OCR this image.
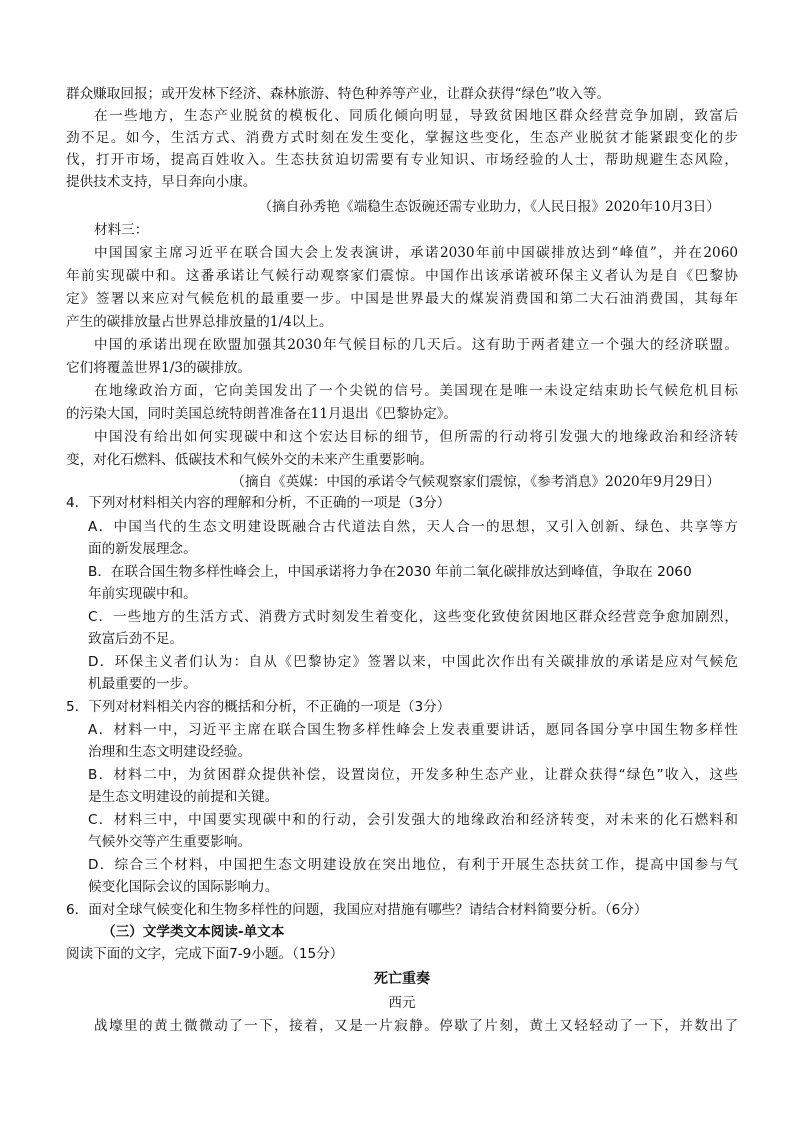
群众赚取回报；或开发林下经济、森林旅游、特色种养等产业，让群众获得“绿色”收入等。
在一些地方，生态产业脱贫的模板化、同质化倾向明显，导致贫困地区群众经营竞争加剧，致富后
劲不足。如今，生活方式、消费方式时刻在发生变化，掌握这些变化，生态产业脱贫才能紧跟变化的步
伐，打开市场，提高百姓收入。生态扶贫迫切需要有专业知识、市场经验的人士，帮助规避生态风险，
提供技术支持，早日奔向小康。
（摘自孙秀艳《端稳生态饭碗还需专业助力，《人民日报》2020年10月3日）
材料三：
中国国家主席习近平在联合国大会上发表演讲，承诺2030年前中国碳排放达到“峰值”，并在2060
年前实现碳中和。这番承诺让气候行动观察家们震惊。中国作出该承诺被环保主义者认为是自《巴黎协
定》签署以来应对气候危机的最重要一步。中国是世界最大的煤炭消费国和第二大石油消费国，其每年
产生的碳排放量占世界总排放量的1/4以上。
中国的承诺出现在欧盟加强其2030年气候目标的几天后。这有助于两者建立一个强大的经济联盟。
它们将覆盖世界1/3的碳排放。
在地缘政治方面，它向美国发出了一个尖锐的信号。美国现在是唯一未设定结束助长气候危机目标
的污染大国，同时美国总统特朗普准备在11月退出《巴黎协定》。
中国没有给出如何实现碳中和这个宏达目标的细节，但所需的行动将引发强大的地缘政治和经济转
变，对化石燃料、低碳技术和气候外交的未来产生重要影响。
（摘自《英媒：中国的承诺令气候观察家们震惊，《参考消息》2020年9月29日）
4．下列对材料相关内容的理解和分析，不正确的一项是（3分）
A．中国当代的生态文明建设既融合古代道法自然，天人合一的思想，又引入创新、绿色、共享等方
面的新发展理念。
B．在联合国生物多样性峰会上，中国承诺将力争在2030 年前二氧化碳排放达到峰值，争取在 2060
年前实现碳中和。
C．一些地方的生活方式、消费方式时刻发生着变化，这些变化致使贫困地区群众经营竞争愈加剧烈，
致富后劲不足。
D．环保主义者们认为：自从《巴黎协定》签署以来，中国此次作出有关碳排放的承诺是应对气候危
机最重要的一步。
5．下列对材料相关内容的概括和分析，不正确的一项是（3分）
A．材料一中，习近平主席在联合国生物多样性峰会上发表重要讲话，愿同各国分享中国生物多样性
治理和生态文明建设经验。
B．材料二中，为贫困群众提供补偿，设置岗位，开发多种生态产业，让群众获得“绿色”收入，这些
是生态文明建设的前提和关键。
C．材料三中，中国要实现碳中和的行动，会引发强大的地缘政治和经济转变，对未来的化石燃料和
气候外交等产生重要影响。
D．综合三个材料，中国把生态文明建设放在突出地位，有利于开展生态扶贫工作，提高中国参与气
候变化国际会议的国际影响力。
6．面对全球气候变化和生物多样性的问题，我国应对措施有哪些？请结合材料简要分析。（6分）
（三）文学类文本阅读-单文本
阅读下面的文字，完成下面7-9小题。（15分）
死亡重奏
西元
战壕里的黄土微微动了一下，接着，又是一片寂静。停歇了片刻，黄土又轻轻动了一下，并数出了
